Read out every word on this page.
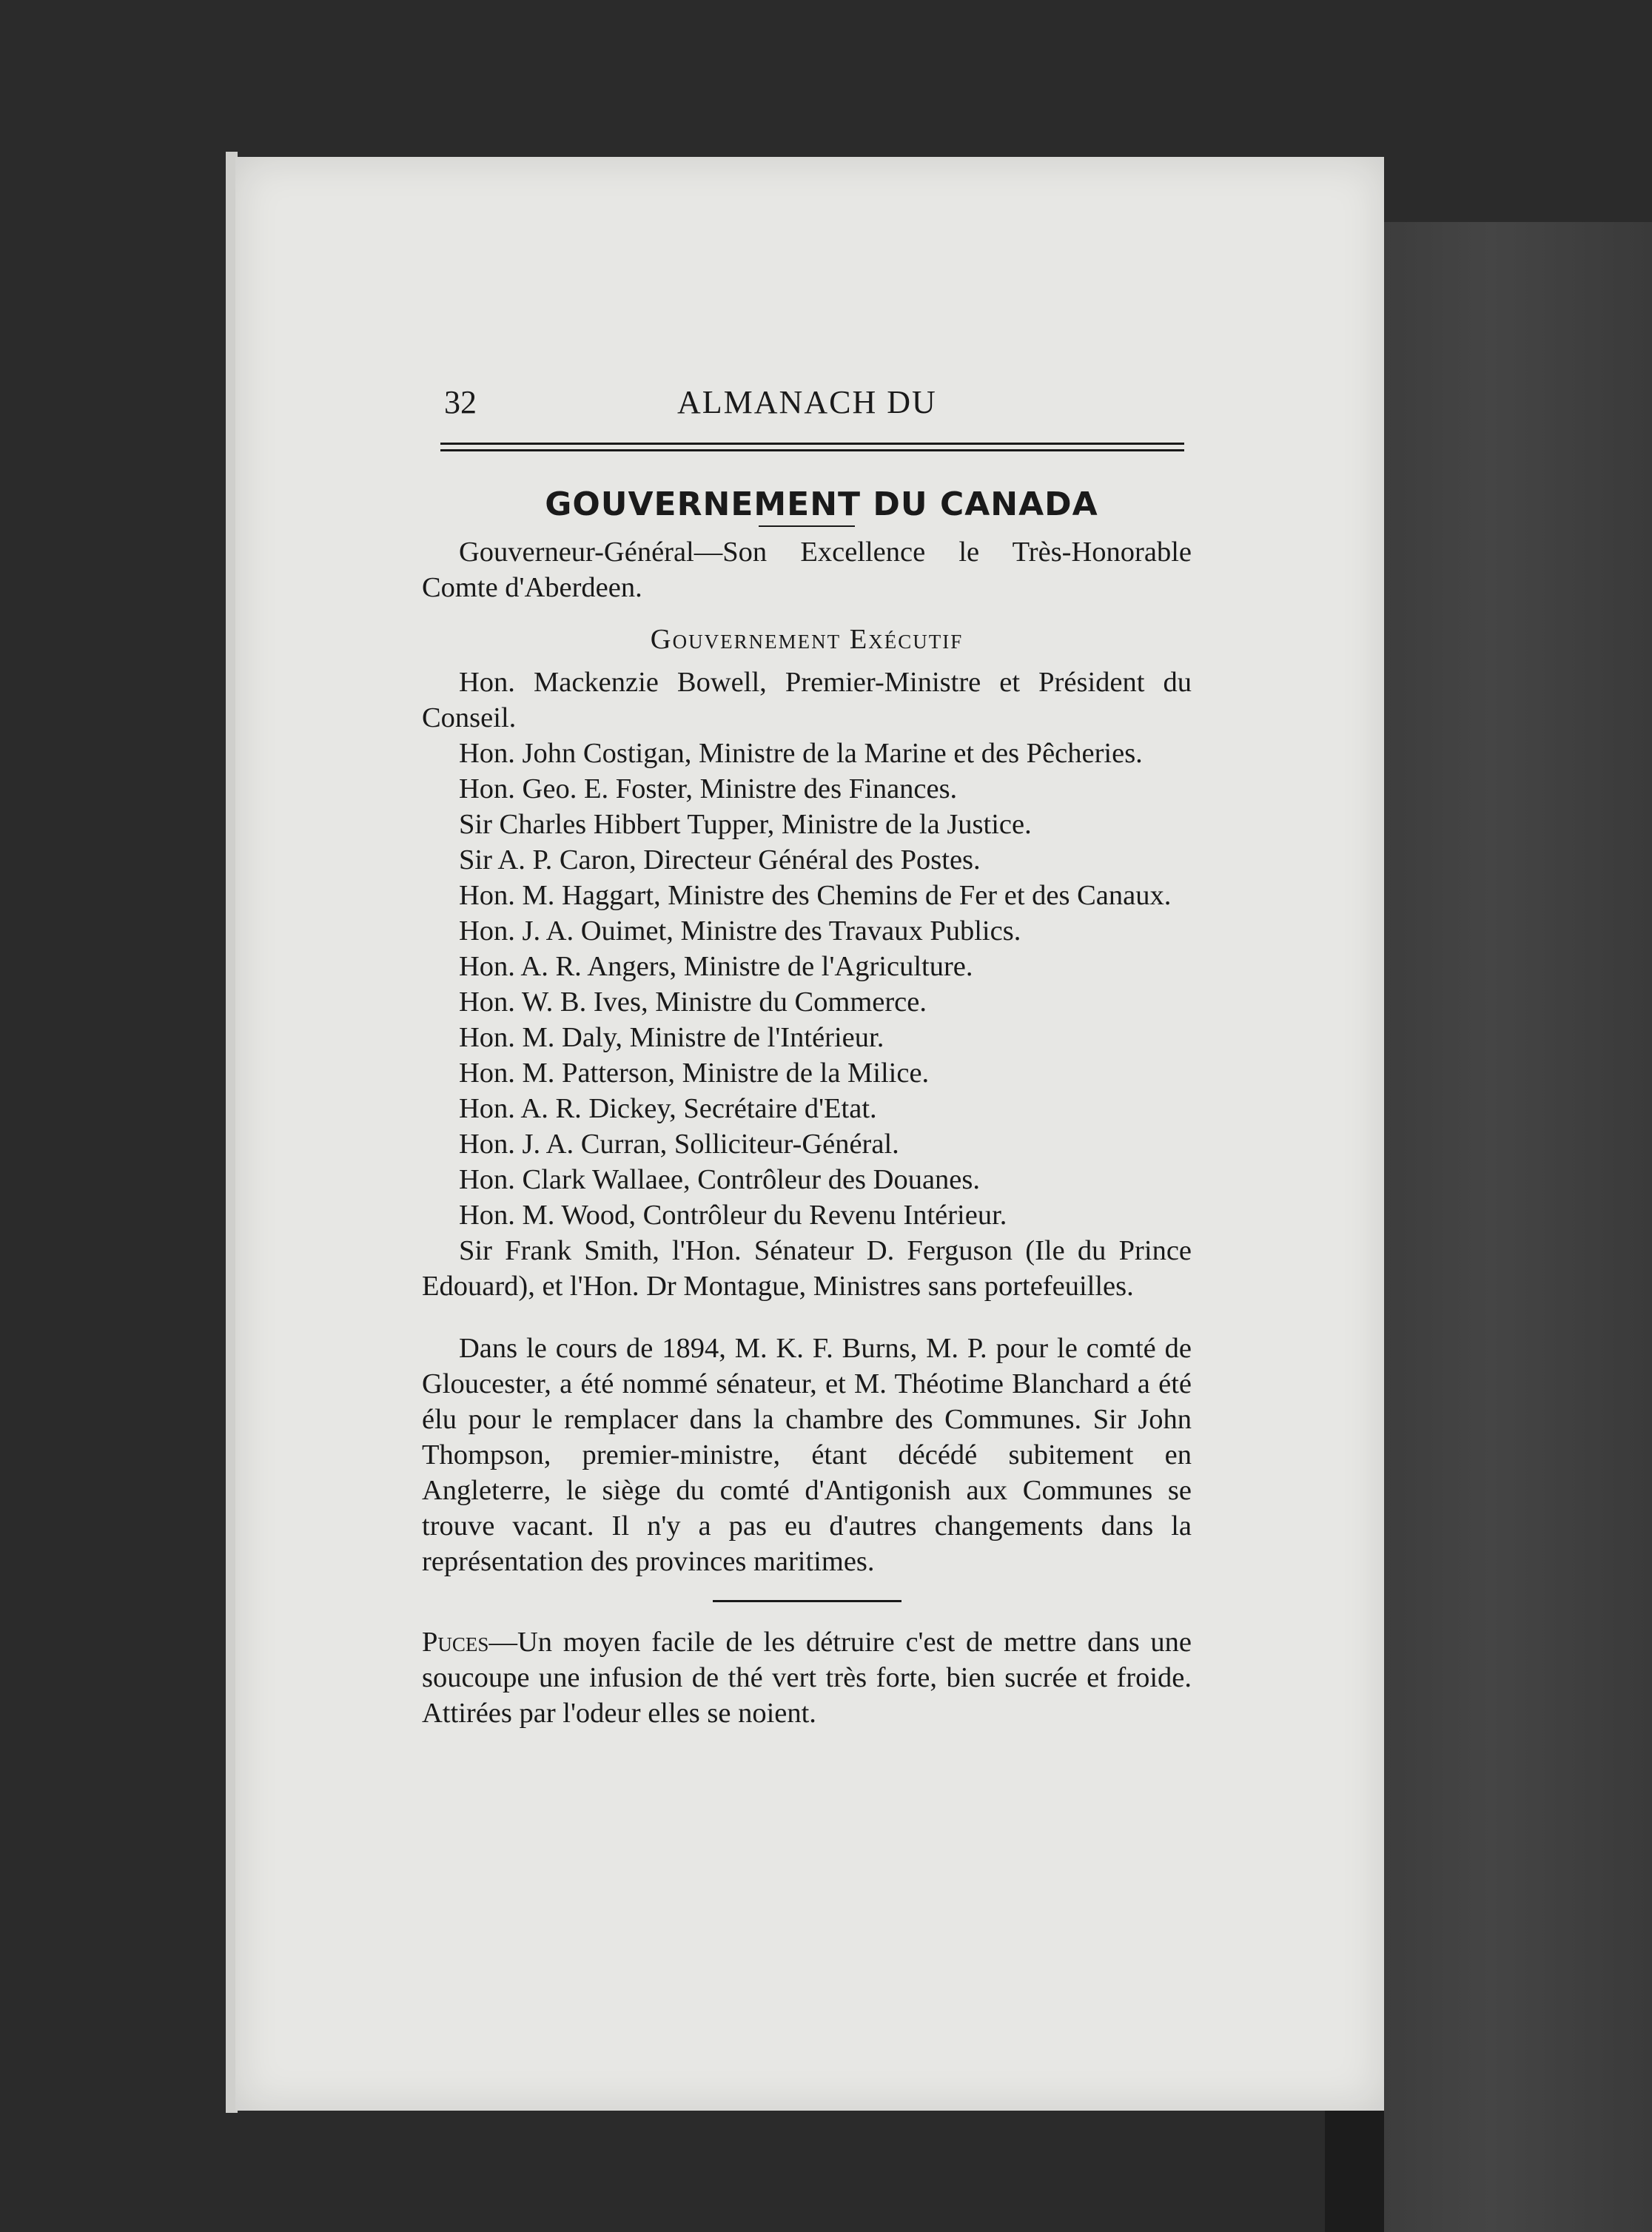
32	ALMANACH DU
GOUVERNEMENT DU CANADA

Gouverneur-Général—Son Excellence le Très-Honorable Comte d'Aberdeen.

Gouvernement Exécutif

Hon. Mackenzie Bowell, Premier-Ministre et Président du Conseil.

Hon. John Costigan, Ministre de la Marine et des Pêcheries.

Hon. Geo. E. Foster, Ministre des Finances.

Sir Charles Hibbert Tupper, Ministre de la Justice.

Sir A. P. Caron, Directeur Général des Postes.

Hon. M. Haggart, Ministre des Chemins de Fer et des Canaux.

Hon. J. A. Ouimet, Ministre des Travaux Publics.

Hon. A. R. Angers, Ministre de l'Agriculture.

Hon. W. B. Ives, Ministre du Commerce.

Hon. M. Daly, Ministre de l'Intérieur.

Hon. M. Patterson, Ministre de la Milice.

Hon. A. R. Dickey, Secrétaire d'Etat.

Hon. J. A. Curran, Solliciteur-Général.

Hon. Clark Wallaee, Contrôleur des Douanes.

Hon. M. Wood, Contrôleur du Revenu Intérieur.

Sir Frank Smith, l'Hon. Sénateur D. Ferguson (Ile du Prince Edouard), et l'Hon. Dr Montague, Ministres sans portefeuilles.

Dans le cours de 1894, M. K. F. Burns, M. P. pour le comté de Gloucester, a été nommé sénateur, et M. Théotime Blanchard a été élu pour le remplacer dans la chambre des Communes. Sir John Thompson, premier-ministre, étant décédé subitement en Angleterre, le siège du comté d'Antigonish aux Communes se trouve vacant. Il n'y a pas eu d'autres changements dans la représentation des provinces maritimes.

Puces—Un moyen facile de les détruire c'est de mettre dans une soucoupe une infusion de thé vert très forte, bien sucrée et froide. Attirées par l'odeur elles se noient.
